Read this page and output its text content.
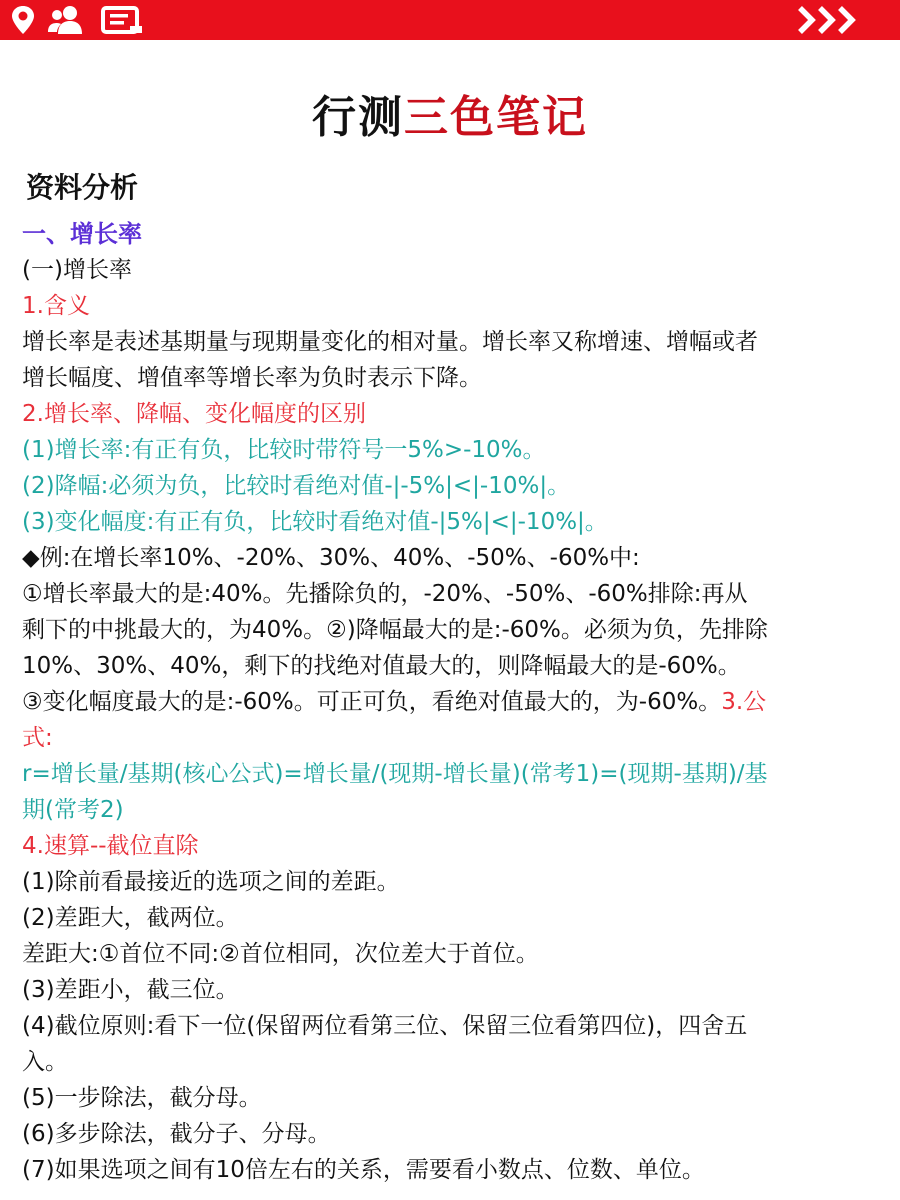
行测三色笔记
资料分析

一、增长率

(一)增长率

1.含义

增长率是表述基期量与现期量变化的相对量。增长率又称增速、增幅或者

增长幅度、增值率等增长率为负时表示下降。

2.增长率、降幅、变化幅度的区别

(1)增长率:有正有负，比较时带符号一5%>-10%。

(2)降幅:必须为负，比较时看绝对值-|-5%|<|-10%|。

(3)变化幅度:有正有负，比较时看绝对值-|5%|<|-10%|。

◆例:在增长率10%、-20%、30%、40%、-50%、-60%中:

①增长率最大的是:40%。先播除负的，-20%、-50%、-60%排除:再从

剩下的中挑最大的，为40%。②)降幅最大的是:-60%。必须为负，先排除

10%、30%、40%，剩下的找绝对值最大的，则降幅最大的是-60%。

③变化幅度最大的是:-60%。可正可负，看绝对值最大的，为-60%。3.公

式:

r=增长量/基期(核心公式)=增长量/(现期-增长量)(常考1)=(现期-基期)/基

期(常考2)

4.速算--截位直除

(1)除前看最接近的选项之间的差距。

(2)差距大，截两位。

差距大:①首位不同:②首位相同，次位差大于首位。

(3)差距小，截三位。

(4)截位原则:看下一位(保留两位看第三位、保留三位看第四位)，四舍五

入。

(5)一步除法，截分母。

(6)多步除法，截分子、分母。

(7)如果选项之间有10倍左右的关系，需要看小数点、位数、单位。
